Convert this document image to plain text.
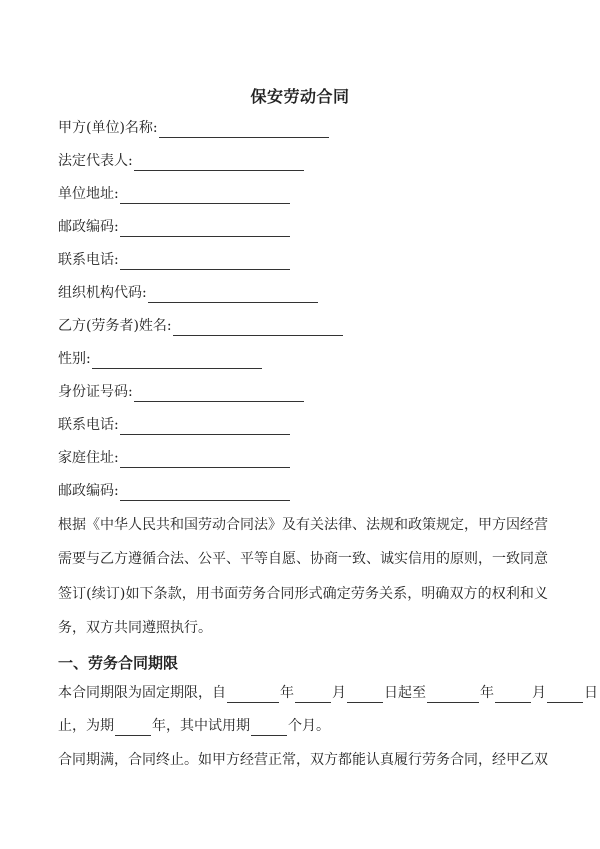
保安劳动合同
甲方(单位)名称:
法定代表人:
单位地址:
邮政编码:
联系电话:
组织机构代码:
乙方(劳务者)姓名:
性别:
身份证号码:
联系电话:
家庭住址:
邮政编码:
根据《中华人民共和国劳动合同法》及有关法律、法规和政策规定，甲方因经营需要与乙方遵循合法、公平、平等自愿、协商一致、诚实信用的原则，一致同意签订(续订)如下条款，用书面劳务合同形式确定劳务关系，明确双方的权利和义务，双方共同遵照执行。
一、劳务合同期限
本合同期限为固定期限，自	年	月	日起至	年	月	日
止，为期	年，其中试用期	个月。
合同期满，合同终止。如甲方经营正常，双方都能认真履行劳务合同，经甲乙双
